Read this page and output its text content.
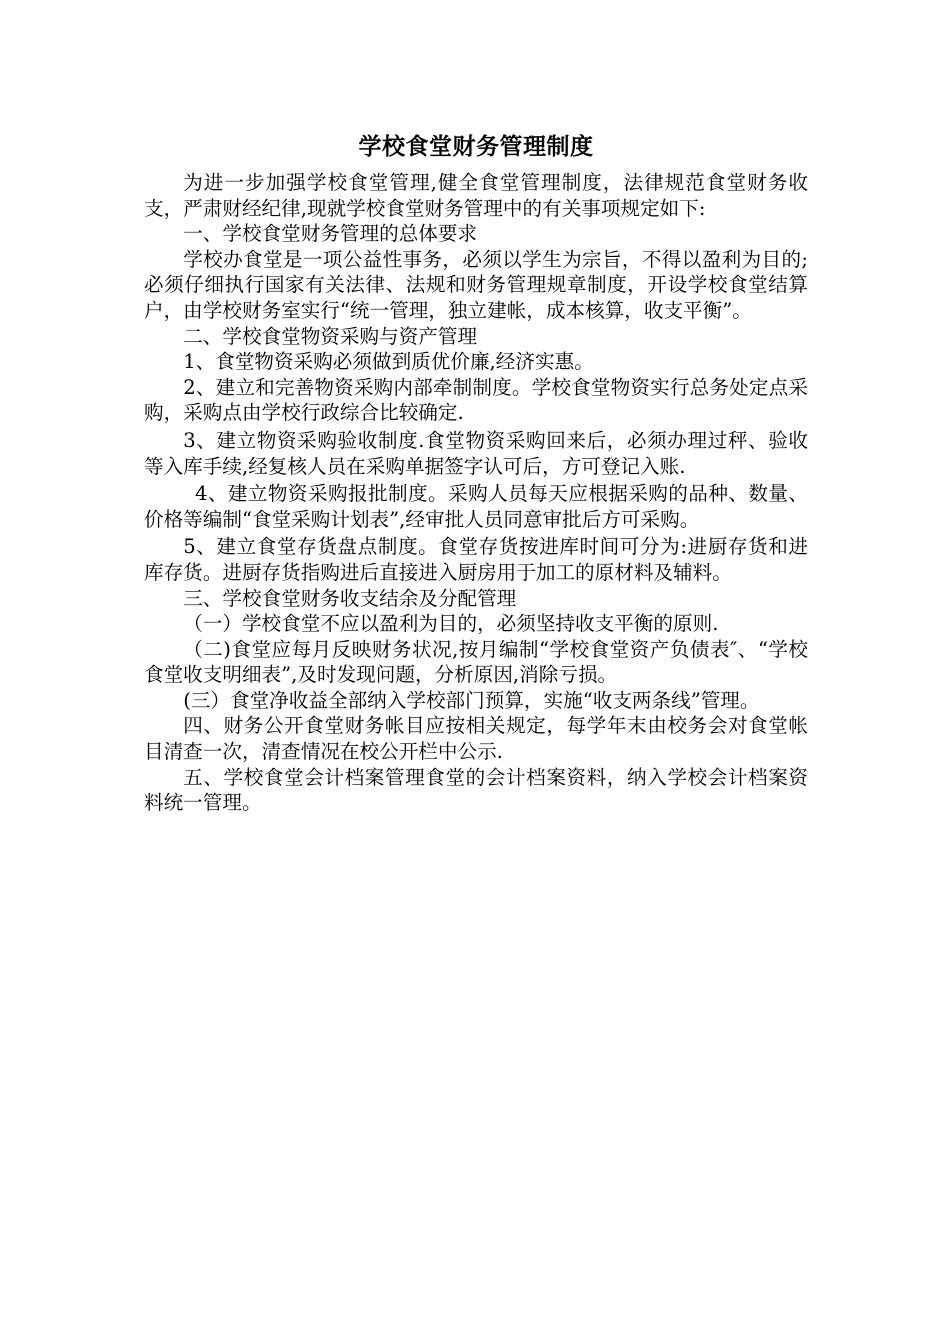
学校食堂财务管理制度

为进一步加强学校食堂管理,健全食堂管理制度，法律规范食堂财务收支，严肃财经纪律,现就学校食堂财务管理中的有关事项规定如下:

一、学校食堂财务管理的总体要求

学校办食堂是一项公益性事务，必须以学生为宗旨，不得以盈利为目的;必须仔细执行国家有关法律、法规和财务管理规章制度，开设学校食堂结算户，由学校财务室实行“统一管理，独立建帐，成本核算，收支平衡”。

二、学校食堂物资采购与资产管理

1、食堂物资采购必须做到质优价廉,经济实惠。

2、建立和完善物资采购内部牵制制度。学校食堂物资实行总务处定点采购，采购点由学校行政综合比较确定.

3、建立物资采购验收制度.食堂物资采购回来后，必须办理过秤、验收等入库手续,经复核人员在采购单据签字认可后，方可登记入账.

4、建立物资采购报批制度。采购人员每天应根据采购的品种、数量、价格等编制“食堂采购计划表”,经审批人员同意审批后方可采购。

5、建立食堂存货盘点制度。食堂存货按进库时间可分为:进厨存货和进库存货。进厨存货指购进后直接进入厨房用于加工的原材料及辅料。

三、学校食堂财务收支结余及分配管理

（一）学校食堂不应以盈利为目的，必须坚持收支平衡的原则.

（二)食堂应每月反映财务状况,按月编制“学校食堂资产负债表″、“学校食堂收支明细表”,及时发现问题，分析原因,消除亏损。

(三）食堂净收益全部纳入学校部门预算，实施“收支两条线”管理。

四、财务公开食堂财务帐目应按相关规定，每学年末由校务会对食堂帐目清查一次，清查情况在校公开栏中公示.

五、学校食堂会计档案管理食堂的会计档案资料，纳入学校会计档案资料统一管理。
